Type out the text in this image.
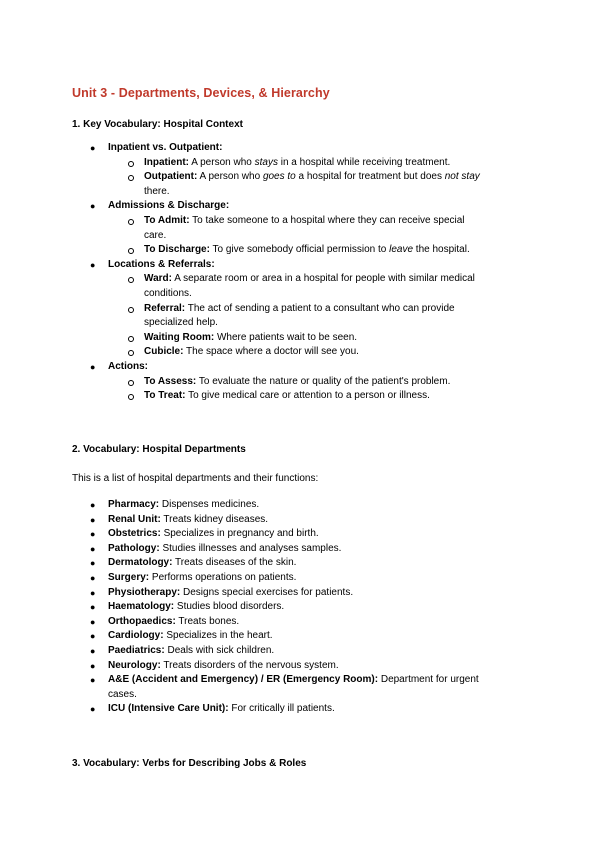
Unit 3 - Departments, Devices, & Hierarchy
1. Key Vocabulary: Hospital Context
● Inpatient vs. Outpatient:
Inpatient: A person who stays in a hospital while receiving treatment.
Outpatient: A person who goes to a hospital for treatment but does not stay
there.
● Admissions & Discharge:
To Admit: To take someone to a hospital where they can receive special
care.
To Discharge: To give somebody official permission to leave the hospital.
● Locations & Referrals:
Ward: A separate room or area in a hospital for people with similar medical
conditions.
Referral: The act of sending a patient to a consultant who can provide
specialized help.
Waiting Room: Where patients wait to be seen.
Cubicle: The space where a doctor will see you.
● Actions:
To Assess: To evaluate the nature or quality of the patient's problem.
To Treat: To give medical care or attention to a person or illness.
2. Vocabulary: Hospital Departments
This is a list of hospital departments and their functions:
● Pharmacy: Dispenses medicines.
● Renal Unit: Treats kidney diseases.
● Obstetrics: Specializes in pregnancy and birth.
● Pathology: Studies illnesses and analyses samples.
● Dermatology: Treats diseases of the skin.
● Surgery: Performs operations on patients.
● Physiotherapy: Designs special exercises for patients.
● Haematology: Studies blood disorders.
● Orthopaedics: Treats bones.
● Cardiology: Specializes in the heart.
● Paediatrics: Deals with sick children.
● Neurology: Treats disorders of the nervous system.
● A&E (Accident and Emergency) / ER (Emergency Room): Department for urgent
cases.
● ICU (Intensive Care Unit): For critically ill patients.
3. Vocabulary: Verbs for Describing Jobs & Roles
